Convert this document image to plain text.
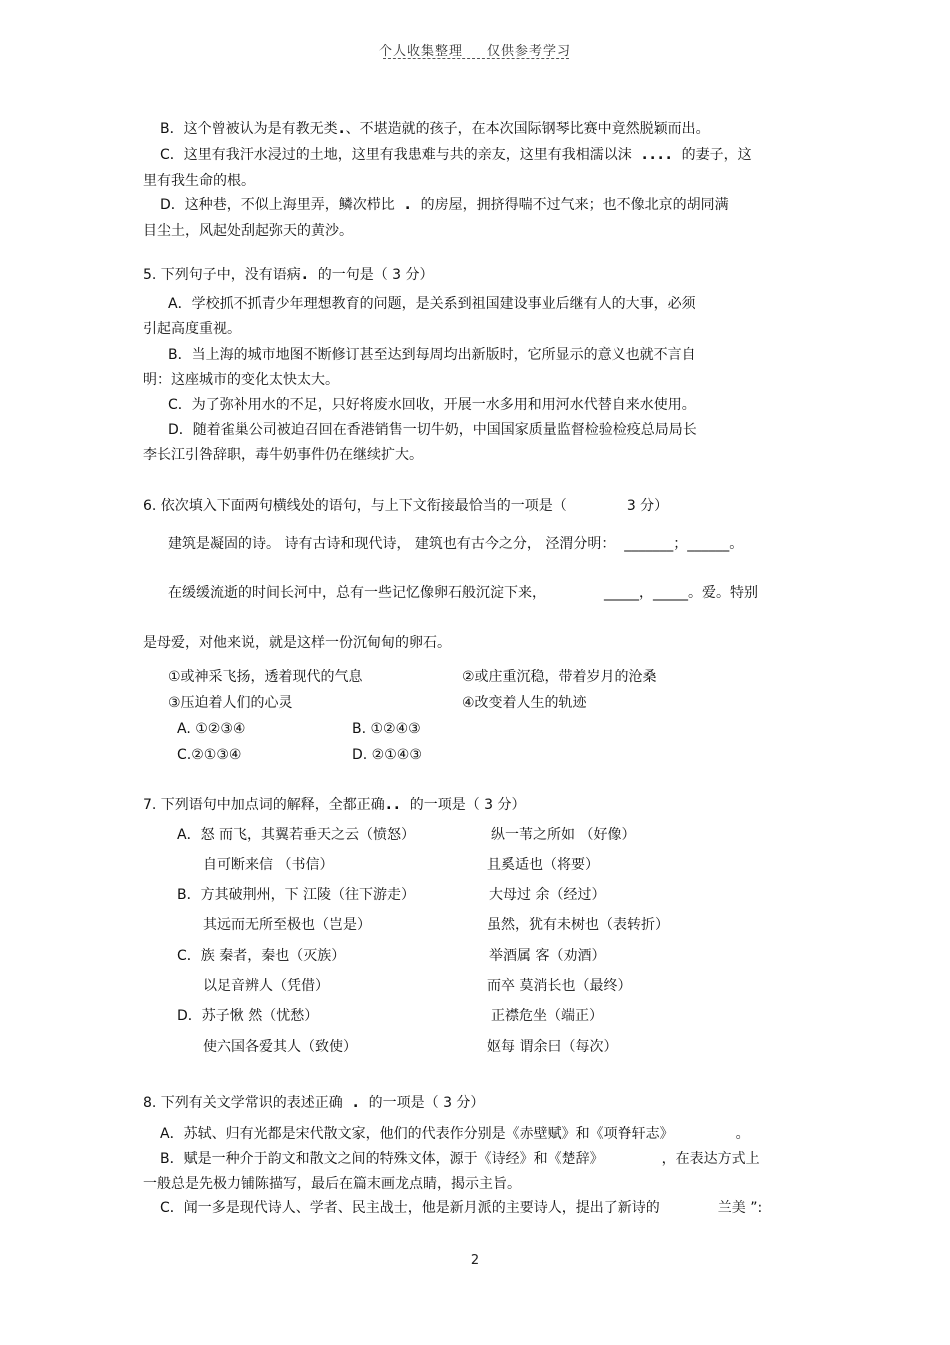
个人收集整理 仅供参考学习
B．这个曾被认为是有教无类.、不堪造就的孩子，在本次国际钢琴比赛中竟然脱颖而出。
C．这里有我汗水浸过的土地，这里有我患难与共的亲友，这里有我相濡以沫 . . . . 的妻子，这
里有我生命的根。
D．这种巷，不似上海里弄，鳞次栉比 . 的房屋，拥挤得喘不过气来；也不像北京的胡同满
目尘土，风起处刮起弥天的黄沙。
5. 下列句子中，没有语病. 的一句是（ 3 分）
A．学校抓不抓青少年理想教育的问题，是关系到祖国建设事业后继有人的大事，必须
引起高度重视。
B．当上海的城市地图不断修订甚至达到每周均出新版时，它所显示的意义也就不言自
明：这座城市的变化太快太大。
C．为了弥补用水的不足，只好将废水回收，开展一水多用和用河水代替自来水使用。
D．随着雀巢公司被迫召回在香港销售一切牛奶，中国国家质量监督检验检疫总局局长
李长江引咎辞职，毒牛奶事件仍在继续扩大。
6. 依次填入下面两句横线处的语句，与上下文衔接最恰当的一项是（	3 分）
建筑是凝固的诗。 诗有古诗和现代诗， 建筑也有古今之分， 泾渭分明： _______；______。
在缓缓流逝的时间长河中，总有一些记忆像卵石般沉淀下来，	_____，_____。爱。特别
是母爱，对他来说，就是这样一份沉甸甸的卵石。
①或神采飞扬，透着现代的气息	②或庄重沉稳，带着岁月的沧桑
③压迫着人们的心灵	④改变着人生的轨迹
A. ①②③④	B. ①②④③
C.②①③④	D. ②①④③
7. 下列语句中加点词的解释，全都正确. . 的一项是（ 3 分）
A．怒 而飞，其翼若垂天之云（愤怒）	纵一苇之所如 （好像）
自可断来信 （书信）	且奚适也（将要）
B．方其破荆州，下 江陵（往下游走）	大母过 余（经过）
其远而无所至极也（岂是）	虽然，犹有未树也（表转折）
C．族 秦者，秦也（灭族）	举酒属 客（劝酒）
以足音辨人（凭借）	而卒 莫消长也（最终）
D．苏子愀 然（忧愁）	正襟危坐（端正）
使六国各爱其人（致使）	妪每 谓余曰（每次）
8. 下列有关文学常识的表述正确 . 的一项是（ 3 分）
A．苏轼、归有光都是宋代散文家，他们的代表作分别是《赤壁赋》和《项脊轩志》	。
B．赋是一种介于韵文和散文之间的特殊文体，源于《诗经》和《楚辞》	，在表达方式上
一般总是先极力铺陈描写，最后在篇末画龙点睛，揭示主旨。
C．闻一多是现代诗人、学者、民主战士，他是新月派的主要诗人，提出了新诗的	兰美 ”:
2
